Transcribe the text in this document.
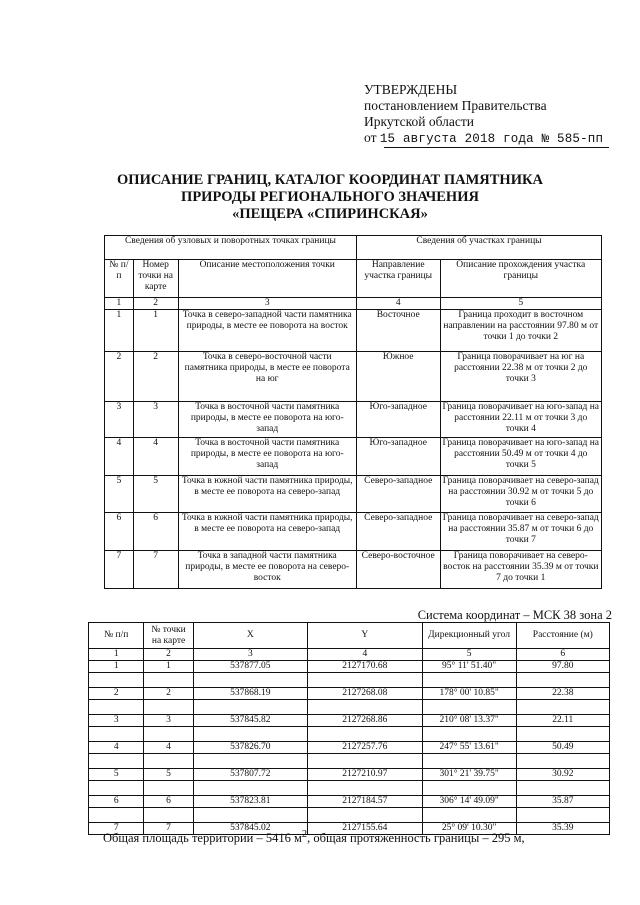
УТВЕРЖДЕНЫ
постановлением Правительства
Иркутской области
от 15 августа 2018 года № 585-пп
ОПИСАНИЕ ГРАНИЦ, КАТАЛОГ КООРДИНАТ ПАМЯТНИКА
ПРИРОДЫ РЕГИОНАЛЬНОГО ЗНАЧЕНИЯ
«ПЕЩЕРА «СПИРИНСКАЯ»
Сведения об узловых и поворотных точках границы			Сведения об участках границы	
№ п/п	Номер точки на карте	Описание местоположения точки	Направление участка границы	Описание прохождения участка границы
1	2	3	4	5
1	1	Точка в северо-западной части памятника природы, в месте ее поворота на восток	Восточное	Граница проходит в восточном направлении на расстоянии 97.80 м от точки 1 до точки 2
2	2	Точка в северо-восточной части памятника природы, в месте ее поворота на юг	Южное	Граница поворачивает на юг на расстоянии 22.38 м от точки 2 до точки 3
3	3	Точка в восточной части памятника природы, в месте ее поворота на юго-запад	Юго-западное	Граница поворачивает на юго-запад на расстоянии 22.11 м от точки 3 до точки 4
4	4	Точка в восточной части памятника природы, в месте ее поворота на юго-запад	Юго-западное	Граница поворачивает на юго-запад на расстоянии 50.49 м от точки 4 до точки 5
5	5	Точка в южной части памятника природы, в месте ее поворота на северо-запад	Северо-западное	Граница поворачивает на северо-запад на расстоянии 30.92 м от точки 5 до точки 6
6	6	Точка в южной части памятника природы, в месте ее поворота на северо-запад	Северо-западное	Граница поворачивает на северо-запад на расстоянии 35.87 м от точки 6 до точки 7
7	7	Точка в западной части памятника природы, в месте ее поворота на северо-восток	Северо-восточное	Граница поворачивает на северо-восток на расстоянии 35.39 м от точки 7 до точки 1
Система координат – МСК 38 зона 2
№ п/п	№ точки на карте	X	Y	Дирекционный угол	Расстояние (м)
1	2	3	4	5	6
1	1	537877.05	2127170.68	95° 11' 51.40"	97.80

2	2	537868.19	2127268.08	178° 00' 10.85"	22.38

3	3	537845.82	2127268.86	210° 08' 13.37"	22.11

4	4	537826.70	2127257.76	247° 55' 13.61"	50.49

5	5	537807.72	2127210.97	301° 21' 39.75"	30.92

6	6	537823.81	2127184.57	306° 14' 49.09"	35.87

7	7	537845.02	2127155.64	25° 09' 10.30"	35.39
Общая площадь территории – 5416 $м^2$, общая протяженность границы – 295 м,
